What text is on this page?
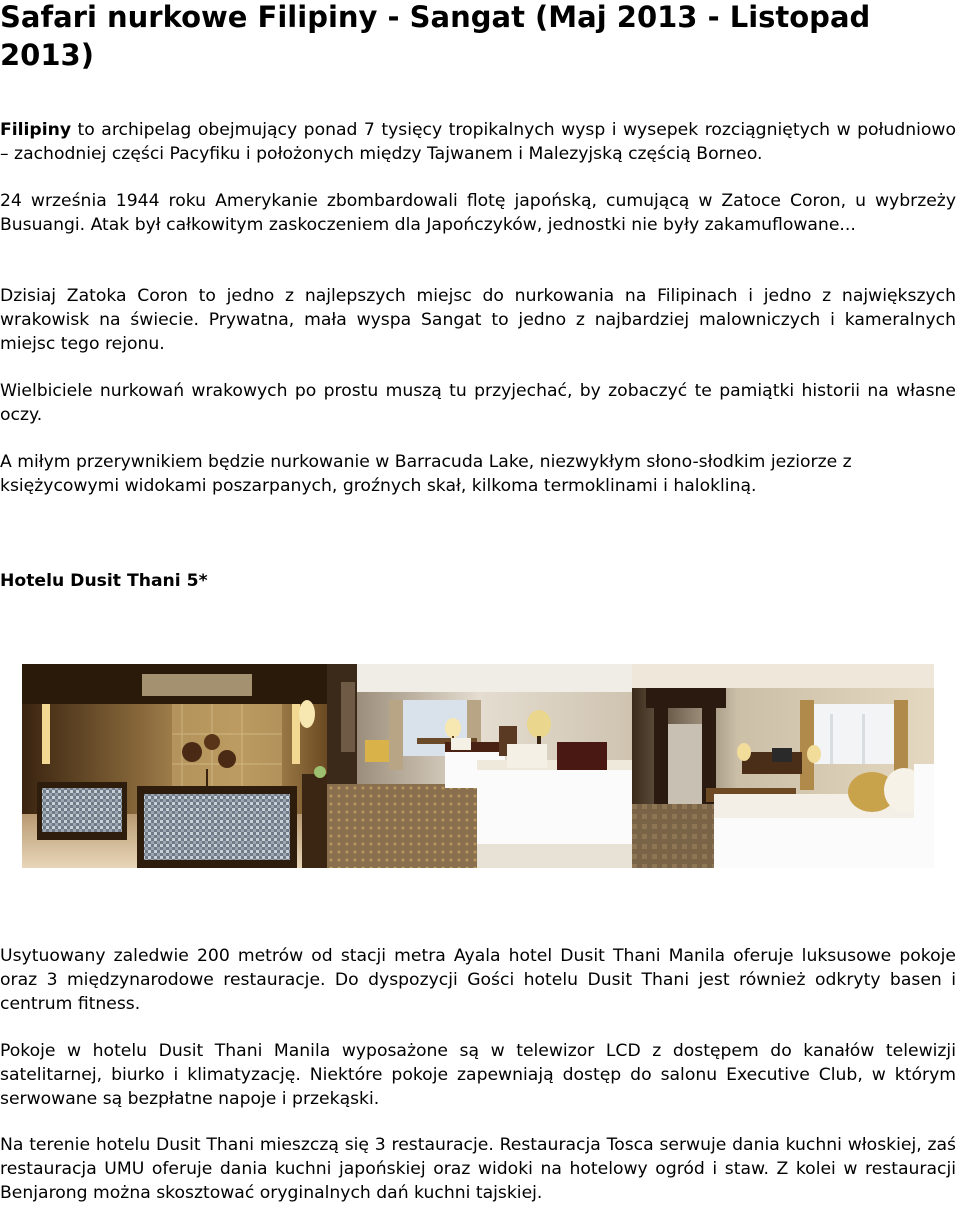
Safari nurkowe Filipiny - Sangat (Maj 2013 - Listopad 2013)

Filipiny to archipelag obejmujący ponad 7 tysięcy tropikalnych wysp i wysepek rozciągniętych w południowo – zachodniej części Pacyfiku i położonych między Tajwanem i Malezyjską częścią Borneo.

24 września 1944 roku Amerykanie zbombardowali flotę japońską, cumującą w Zatoce Coron, u wybrzeży Busuangi. Atak był całkowitym zaskoczeniem dla Japończyków, jednostki nie były zakamuflowane...

Dzisiaj Zatoka Coron to jedno z najlepszych miejsc do nurkowania na Filipinach i jedno z największych wrakowisk na świecie. Prywatna, mała wyspa Sangat to jedno z najbardziej malowniczych i kameralnych miejsc tego rejonu.

Wielbiciele nurkowań wrakowych po prostu muszą tu przyjechać, by zobaczyć te pamiątki historii na własne oczy.

A miłym przerywnikiem będzie nurkowanie w Barracuda Lake, niezwykłym słono-słodkim jeziorze z księżycowymi widokami poszarpanych, groźnych skał, kilkoma termoklinami i halokliną.

Hotelu Dusit Thani 5*

Usytuowany zaledwie 200 metrów od stacji metra Ayala hotel Dusit Thani Manila oferuje luksusowe pokoje oraz 3 międzynarodowe restauracje. Do dyspozycji Gości hotelu Dusit Thani jest również odkryty basen i centrum fitness.

Pokoje w hotelu Dusit Thani Manila wyposażone są w telewizor LCD z dostępem do kanałów telewizji satelitarnej, biurko i klimatyzację. Niektóre pokoje zapewniają dostęp do salonu Executive Club, w którym serwowane są bezpłatne napoje i przekąski.

Na terenie hotelu Dusit Thani mieszczą się 3 restauracje. Restauracja Tosca serwuje dania kuchni włoskiej, zaś restauracja UMU oferuje dania kuchni japońskiej oraz widoki na hotelowy ogród i staw. Z kolei w restauracji Benjarong można skosztować oryginalnych dań kuchni tajskiej.
